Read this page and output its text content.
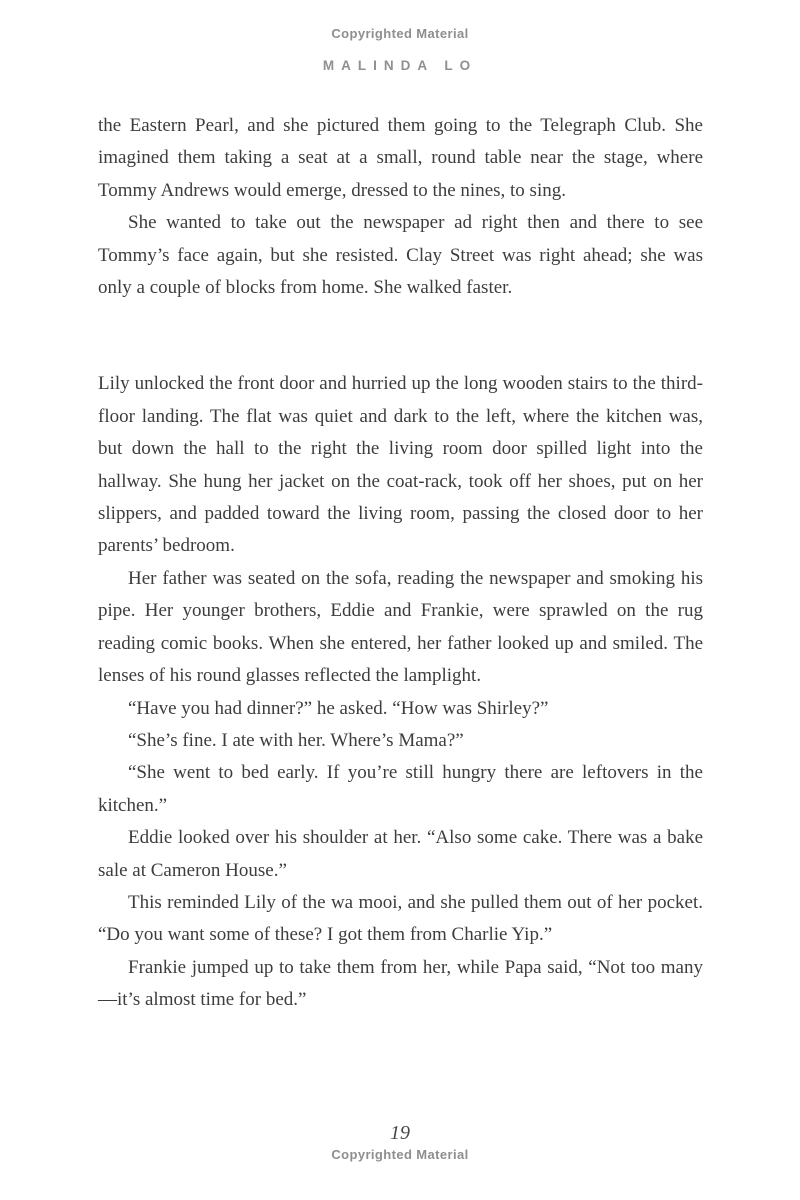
Copyrighted Material
MALINDA LO

the Eastern Pearl, and she pictured them going to the Telegraph Club. She imagined them taking a seat at a small, round table near the stage, where Tommy Andrews would emerge, dressed to the nines, to sing.

She wanted to take out the newspaper ad right then and there to see Tommy’s face again, but she resisted. Clay Street was right ahead; she was only a couple of blocks from home. She walked faster.

Lily unlocked the front door and hurried up the long wooden stairs to the third-floor landing. The flat was quiet and dark to the left, where the kitchen was, but down the hall to the right the living room door spilled light into the hallway. She hung her jacket on the coat-rack, took off her shoes, put on her slippers, and padded toward the living room, passing the closed door to her parents’ bedroom.

Her father was seated on the sofa, reading the newspaper and smoking his pipe. Her younger brothers, Eddie and Frankie, were sprawled on the rug reading comic books. When she entered, her father looked up and smiled. The lenses of his round glasses reflected the lamplight.

“Have you had dinner?” he asked. “How was Shirley?”

“She’s fine. I ate with her. Where’s Mama?”

“She went to bed early. If you’re still hungry there are leftovers in the kitchen.”

Eddie looked over his shoulder at her. “Also some cake. There was a bake sale at Cameron House.”

This reminded Lily of the wa mooi, and she pulled them out of her pocket. “Do you want some of these? I got them from Charlie Yip.”

Frankie jumped up to take them from her, while Papa said, “Not too many—it’s almost time for bed.”

19
Copyrighted Material
